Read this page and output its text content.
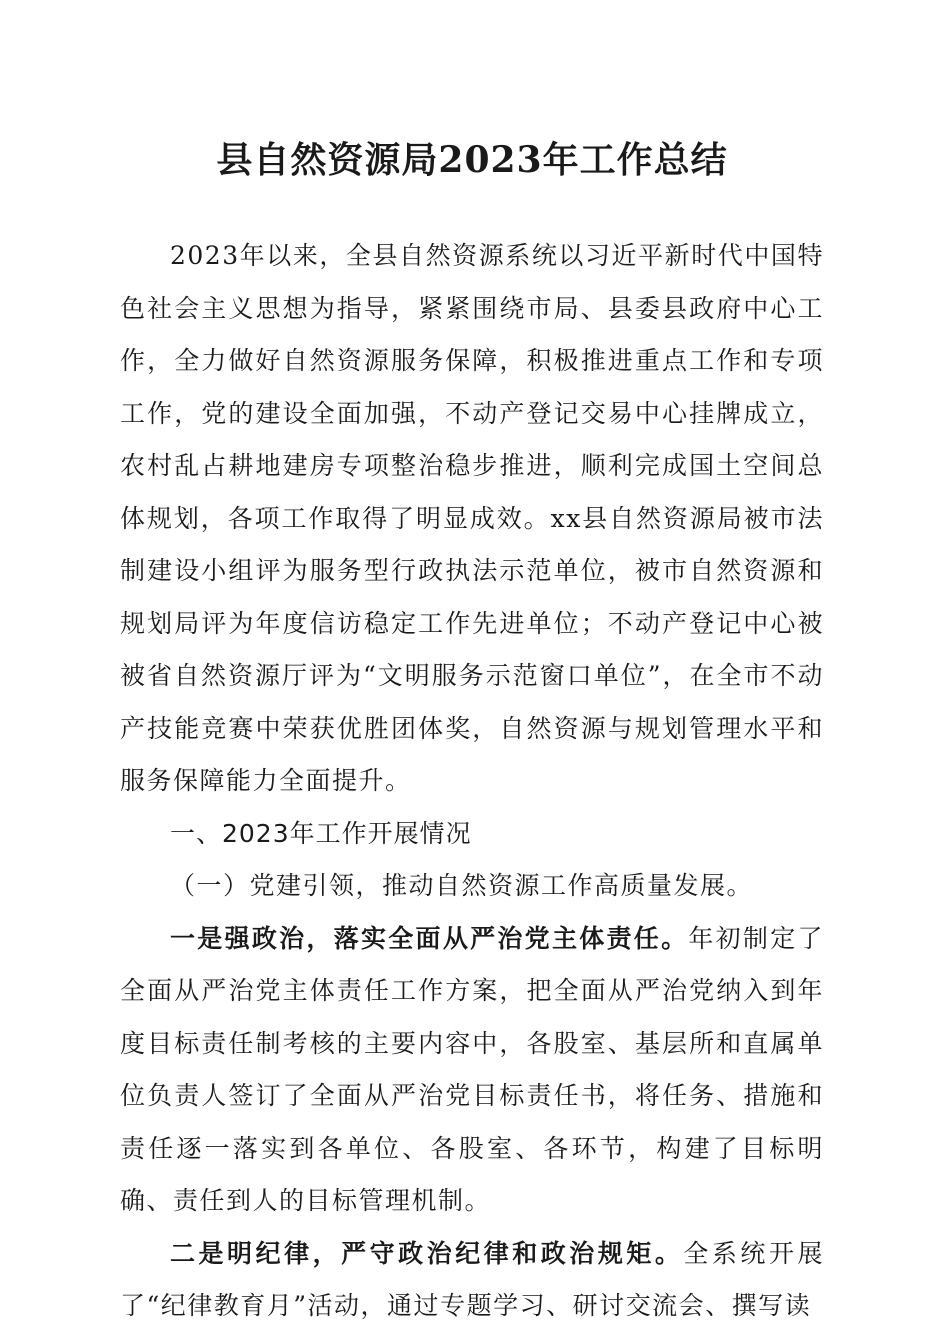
县自然资源局2023年工作总结

2023年以来，全县自然资源系统以习近平新时代中国特色社会主义思想为指导，紧紧围绕市局、县委县政府中心工作，全力做好自然资源服务保障，积极推进重点工作和专项工作，党的建设全面加强，不动产登记交易中心挂牌成立，农村乱占耕地建房专项整治稳步推进，顺利完成国土空间总体规划，各项工作取得了明显成效。xx县自然资源局被市法制建设小组评为服务型行政执法示范单位，被市自然资源和规划局评为年度信访稳定工作先进单位；不动产登记中心被被省自然资源厅评为“文明服务示范窗口单位”，在全市不动产技能竞赛中荣获优胜团体奖，自然资源与规划管理水平和服务保障能力全面提升。

一、2023年工作开展情况

（一）党建引领，推动自然资源工作高质量发展。

一是强政治，落实全面从严治党主体责任。年初制定了全面从严治党主体责任工作方案，把全面从严治党纳入到年度目标责任制考核的主要内容中，各股室、基层所和直属单位负责人签订了全面从严治党目标责任书，将任务、措施和责任逐一落实到各单位、各股室、各环节，构建了目标明确、责任到人的目标管理机制。

二是明纪律，严守政治纪律和政治规矩。全系统开展了“纪律教育月”活动，通过专题学习、研讨交流会、撰写读
